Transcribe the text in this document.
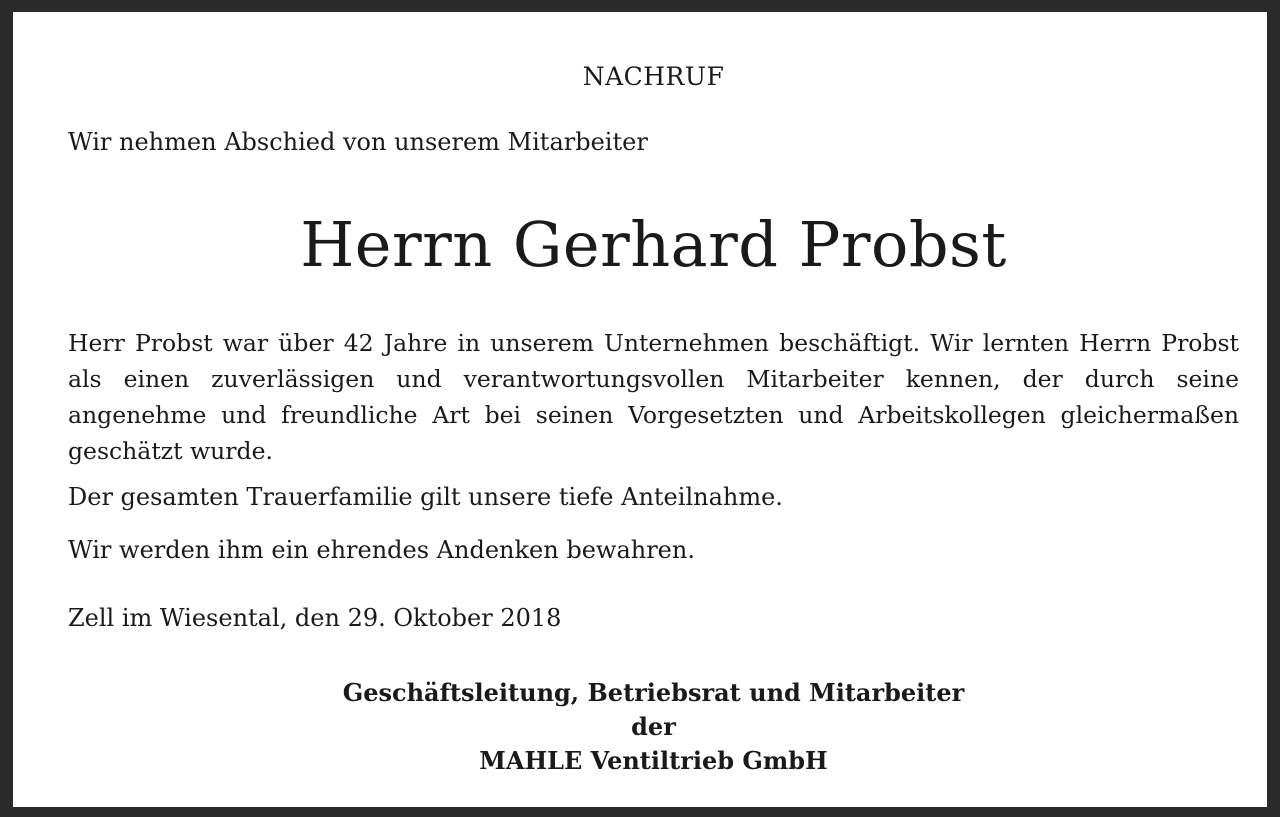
NACHRUF
Wir nehmen Abschied von unserem Mitarbeiter
Herrn Gerhard Probst
Herr Probst war über 42 Jahre in unserem Unternehmen beschäftigt. Wir lernten Herrn Probst als einen zuverlässigen und verantwortungsvollen Mitarbeiter kennen, der durch seine angenehme und freundliche Art bei seinen Vorgesetzten und Arbeitskollegen gleichermaßen geschätzt wurde.
Der gesamten Trauerfamilie gilt unsere tiefe Anteilnahme.
Wir werden ihm ein ehrendes Andenken bewahren.
Zell im Wiesental, den 29. Oktober 2018
Geschäftsleitung, Betriebsrat und Mitarbeiter
der
MAHLE Ventiltrieb GmbH
